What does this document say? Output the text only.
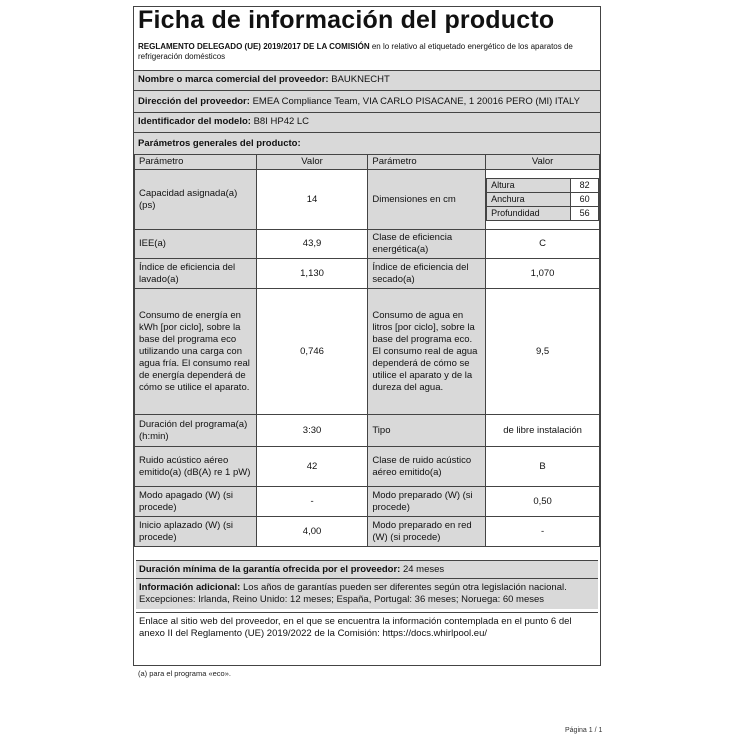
Ficha de información del producto
REGLAMENTO DELEGADO (UE) 2019/2017 DE LA COMISIÓN en lo relativo al etiquetado energético de los aparatos de refrigeración domésticos
Nombre o marca comercial del proveedor: BAUKNECHT
Dirección del proveedor: EMEA Compliance Team, VIA CARLO PISACANE, 1 20016 PERO (MI) ITALY
Identificador del modelo: B8I HP42 LC
Parámetros generales del producto:
Parámetro	Valor	Parámetro	Valor
Capacidad asignada(a) (ps)	14	Dimensiones en cm	
Altura	82
Anchura	60
Profundidad	56

IEE(a)	43,9	Clase de eficiencia energética(a)	C
Índice de eficiencia del lavado(a)	1,130	Índice de eficiencia del secado(a)	1,070
Consumo de energía en kWh [por ciclo], sobre la base del programa eco utilizando una carga con agua fría. El consumo real de energía dependerá de cómo se utilice el aparato.	0,746	Consumo de agua en litros [por ciclo], sobre la base del programa eco. El consumo real de agua dependerá de cómo se utilice el aparato y de la dureza del agua.	9,5
Duración del programa(a) (h:min)	3:30	Tipo	de libre instalación
Ruido acústico aéreo emitido(a) (dB(A) re 1 pW)	42	Clase de ruido acústico aéreo emitido(a)	B
Modo apagado (W) (si procede)	-	Modo preparado (W) (si procede)	0,50
Inicio aplazado (W) (si procede)	4,00	Modo preparado en red (W) (si procede)	-
Duración mínima de la garantía ofrecida por el proveedor: 24 meses
Información adicional: Los años de garantías pueden ser diferentes según otra legislación nacional. Excepciones: Irlanda, Reino Unido: 12 meses; España, Portugal: 36 meses; Noruega: 60 meses
Enlace al sitio web del proveedor, en el que se encuentra la información contemplada en el punto 6 del anexo II del Reglamento (UE) 2019/2022 de la Comisión: https://docs.whirlpool.eu/
(a) para el programa «eco».
Página 1 / 1
